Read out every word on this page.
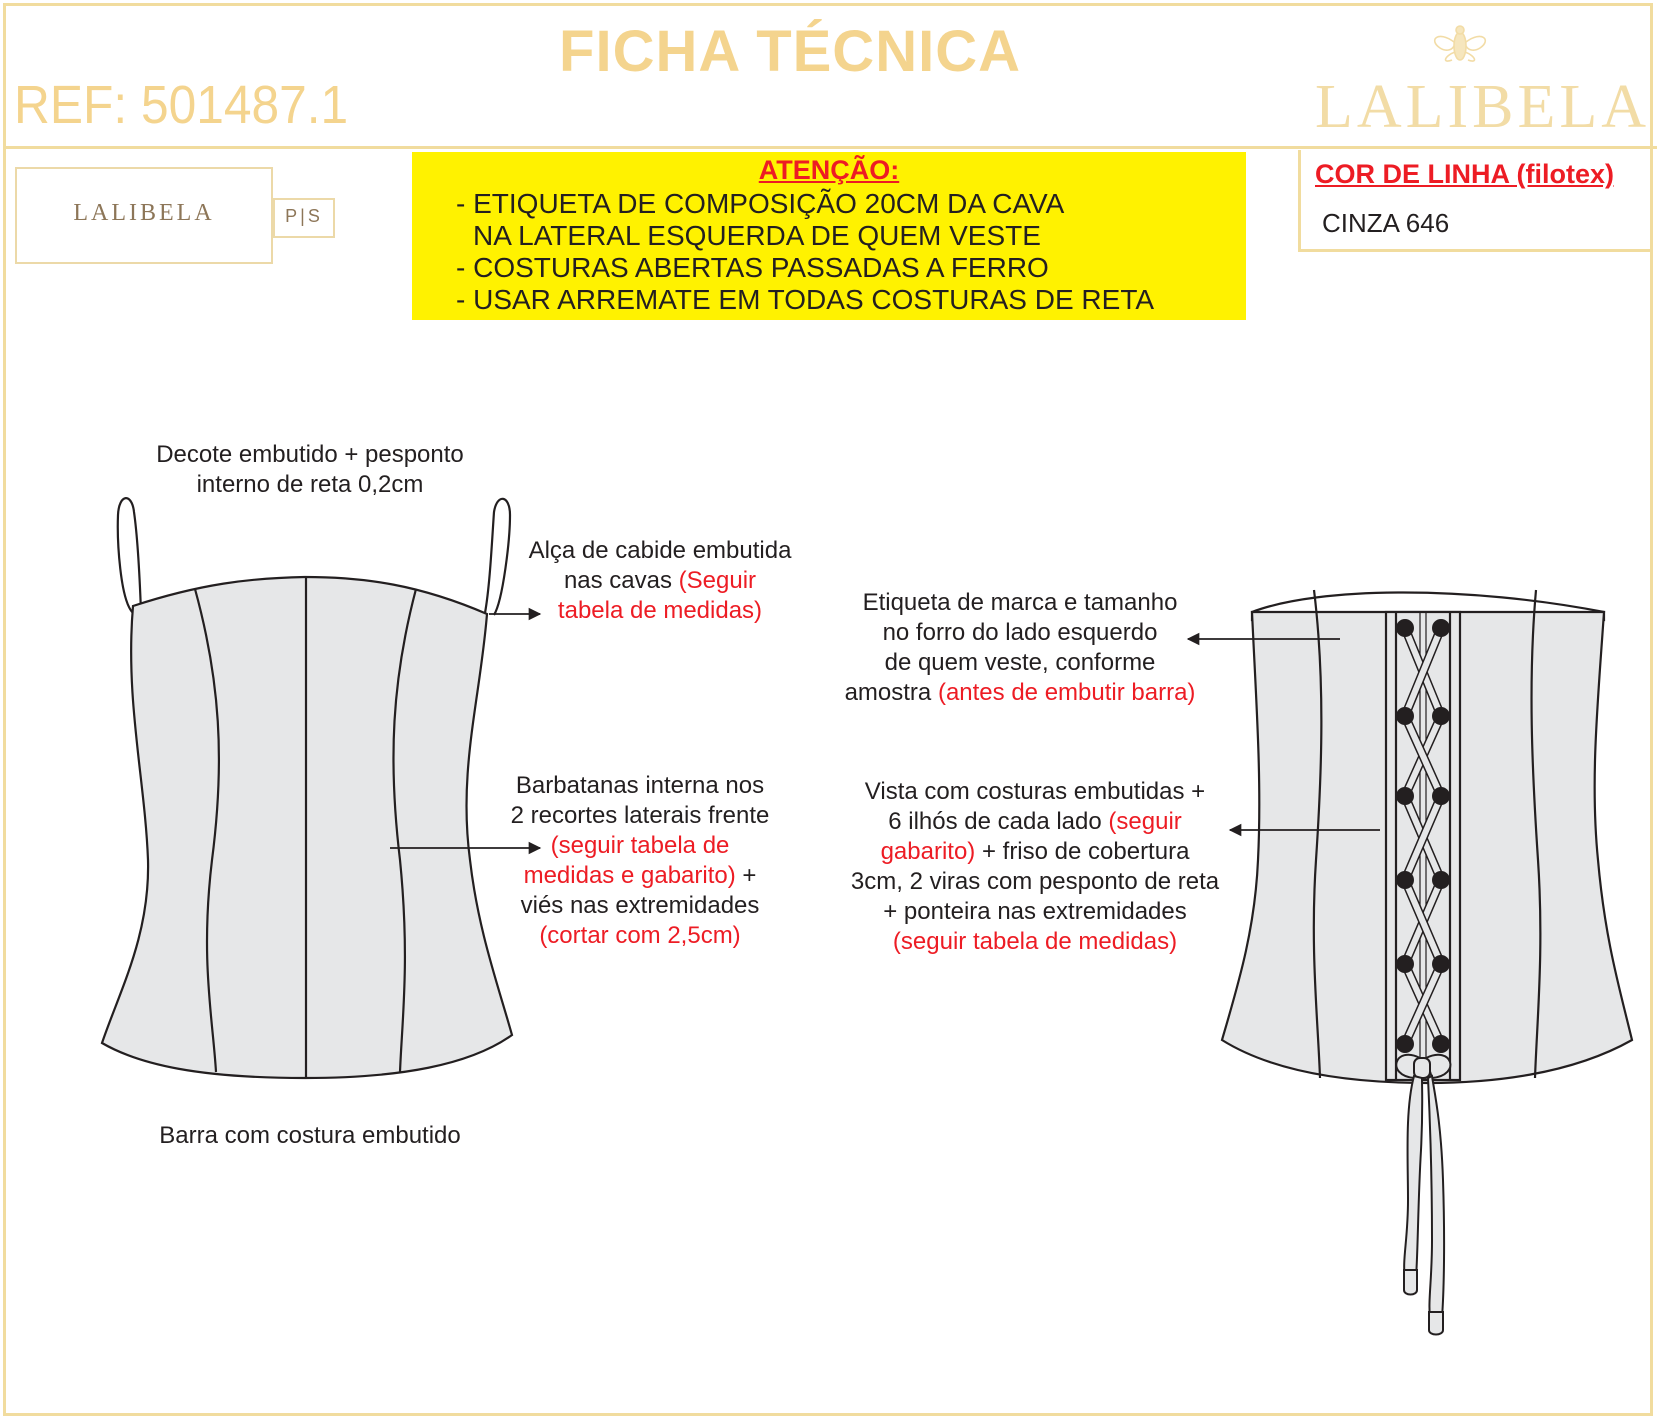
FICHA TÉCNICA
REF: 501487.1	LALIBELA
LALIBELA	P|S
ATENÇÃO:
- ETIQUETA DE COMPOSIÇÃO 20CM DA CAVA
NA LATERAL ESQUERDA DE QUEM VESTE
- COSTURAS ABERTAS PASSADAS A FERRO
- USAR ARREMATE EM TODAS COSTURAS DE RETA
COR DE LINHA (filotex)
CINZA 646
Decote embutido + pesponto
interno de reta 0,2cm
Alça de cabide embutida
nas cavas (Seguir
tabela de medidas)
Barbatanas interna nos
2 recortes laterais frente
(seguir tabela de
medidas e gabarito) +
viés nas extremidades
(cortar com 2,5cm)
Barra com costura embutido
Etiqueta de marca e tamanho
no forro do lado esquerdo
de quem veste, conforme
amostra (antes de embutir barra)
Vista com costuras embutidas +
6 ilhós de cada lado (seguir
gabarito) + friso de cobertura
3cm, 2 viras com pesponto de reta
+ ponteira nas extremidades
(seguir tabela de medidas)
